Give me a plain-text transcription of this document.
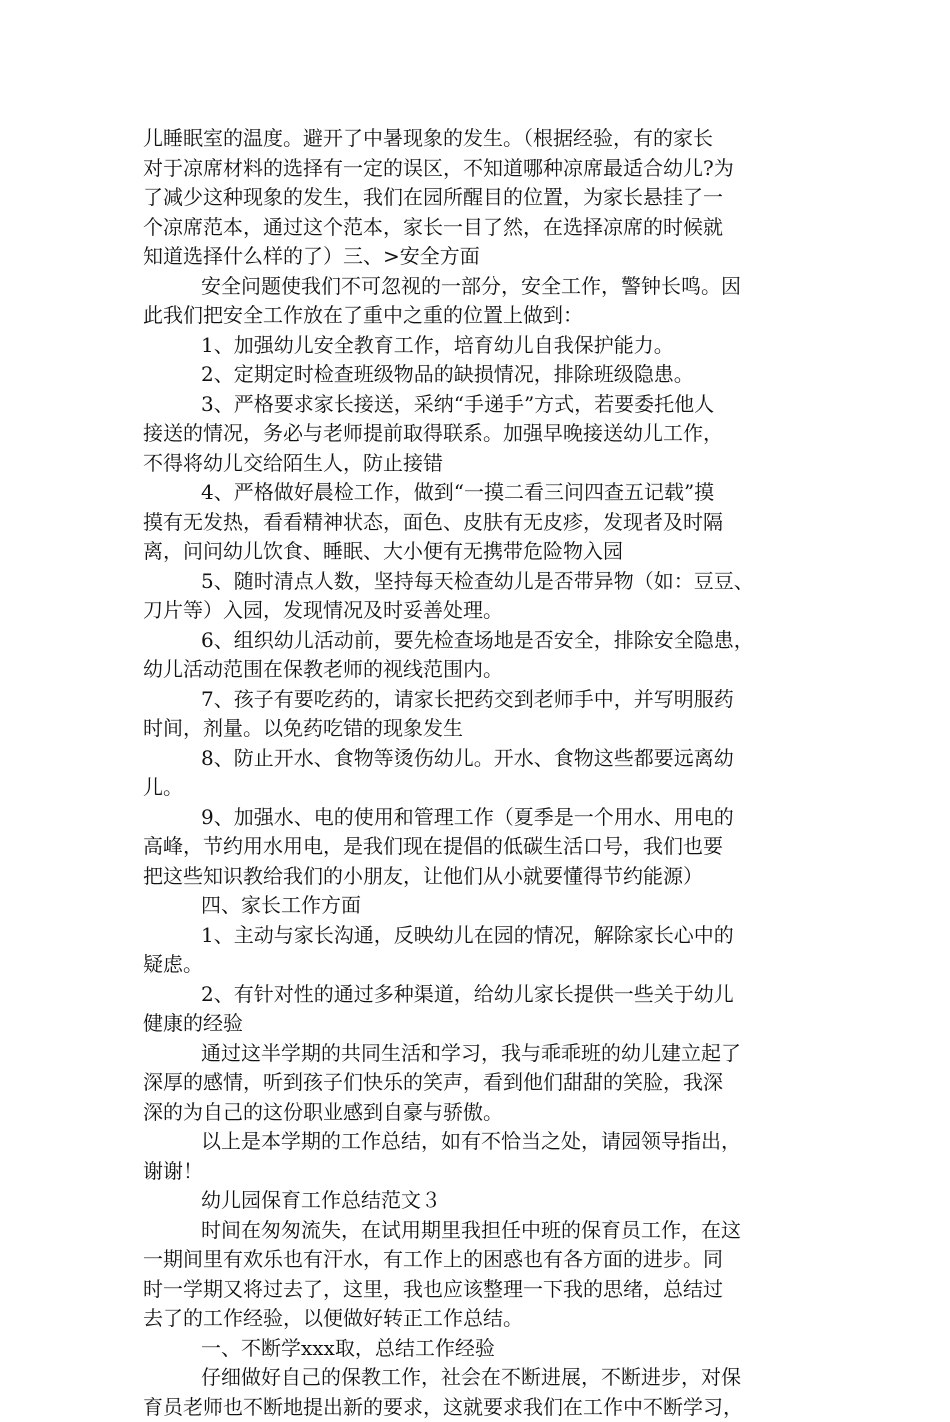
儿睡眠室的温度。避开了中暑现象的发生。（根据经验，有的家长
对于凉席材料的选择有一定的误区，不知道哪种凉席最适合幼儿?为
了减少这种现象的发生，我们在园所醒目的位置，为家长悬挂了一
个凉席范本，通过这个范本，家长一目了然，在选择凉席的时候就
知道选择什么样的了）三、>安全方面
安全问题使我们不可忽视的一部分，安全工作，警钟长鸣。因
此我们把安全工作放在了重中之重的位置上做到：
1、加强幼儿安全教育工作，培育幼儿自我保护能力。
2、定期定时检查班级物品的缺损情况，排除班级隐患。
3、严格要求家长接送，采纳“手递手”方式，若要委托他人
接送的情况，务必与老师提前取得联系。加强早晚接送幼儿工作，
不得将幼儿交给陌生人，防止接错
4、严格做好晨检工作，做到“一摸二看三问四查五记载”摸
摸有无发热，看看精神状态，面色、皮肤有无皮疹，发现者及时隔
离，问问幼儿饮食、睡眠、大小便有无携带危险物入园
5、随时清点人数，坚持每天检查幼儿是否带异物（如：豆豆、
刀片等）入园，发现情况及时妥善处理。
6、组织幼儿活动前，要先检查场地是否安全，排除安全隐患，
幼儿活动范围在保教老师的视线范围内。
7、孩子有要吃药的，请家长把药交到老师手中，并写明服药
时间，剂量。以免药吃错的现象发生
8、防止开水、食物等烫伤幼儿。开水、食物这些都要远离幼
儿。
9、加强水、电的使用和管理工作（夏季是一个用水、用电的
高峰，节约用水用电，是我们现在提倡的低碳生活口号，我们也要
把这些知识教给我们的小朋友，让他们从小就要懂得节约能源）
四、家长工作方面
1、主动与家长沟通，反映幼儿在园的情况，解除家长心中的
疑虑。
2、有针对性的通过多种渠道，给幼儿家长提供一些关于幼儿
健康的经验
通过这半学期的共同生活和学习，我与乖乖班的幼儿建立起了
深厚的感情，听到孩子们快乐的笑声，看到他们甜甜的笑脸，我深
深的为自己的这份职业感到自豪与骄傲。
以上是本学期的工作总结，如有不恰当之处，请园领导指出，
谢谢！
幼儿园保育工作总结范文３
时间在匆匆流失，在试用期里我担任中班的保育员工作，在这
一期间里有欢乐也有汗水，有工作上的困惑也有各方面的进步。同
时一学期又将过去了，这里，我也应该整理一下我的思绪，总结过
去了的工作经验，以便做好转正工作总结。
一、不断学xxx取，总结工作经验
仔细做好自己的保教工作，社会在不断进展，不断进步，对保
育员老师也不断地提出新的要求，这就要求我们在工作中不断学习，
